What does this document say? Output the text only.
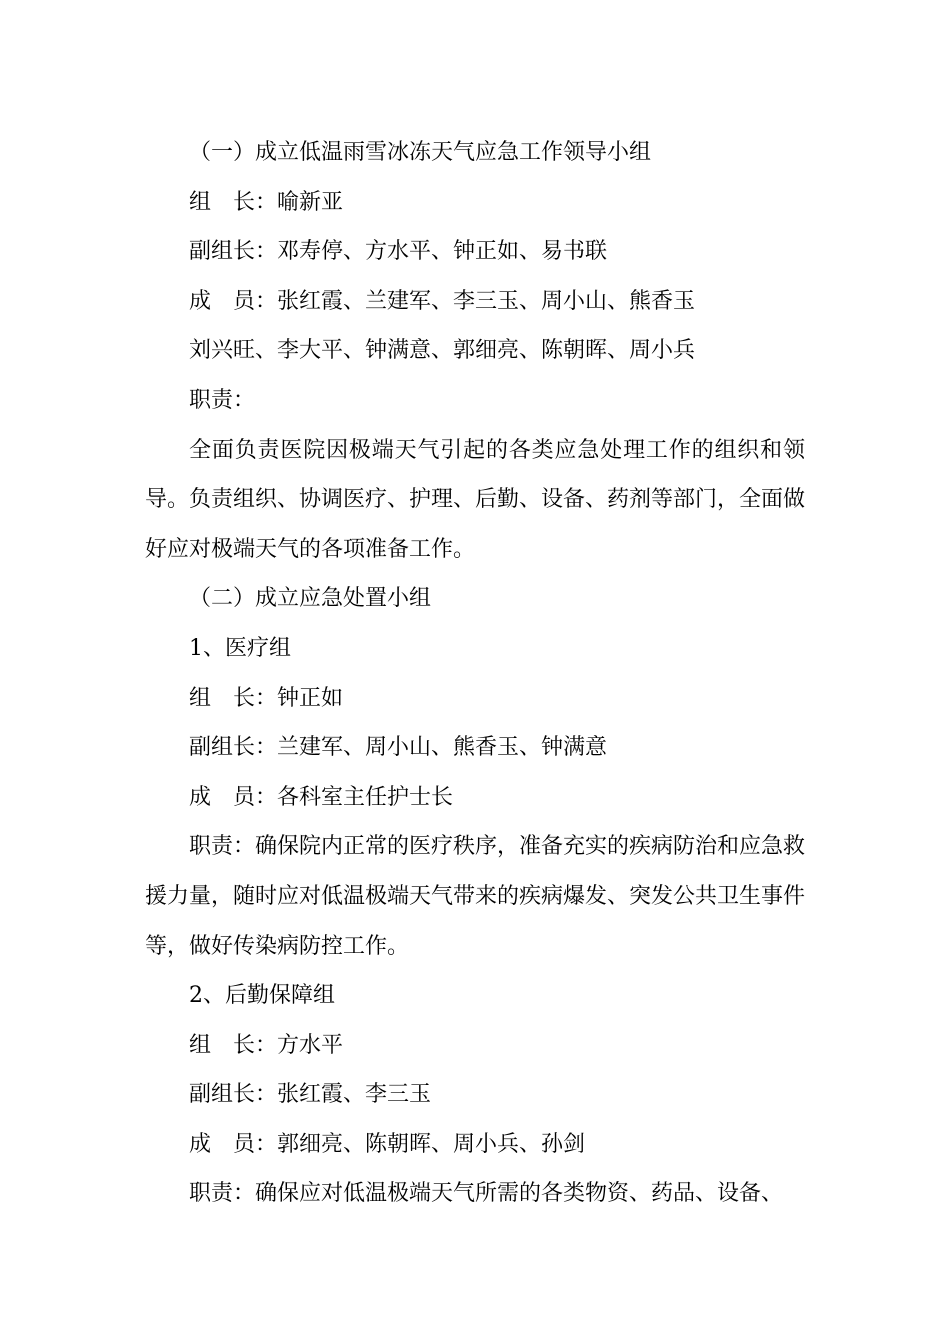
（一）成立低温雨雪冰冻天气应急工作领导小组

组　长：喻新亚

副组长：邓寿停、方水平、钟正如、易书联

成　员：张红霞、兰建军、李三玉、周小山、熊香玉

刘兴旺、李大平、钟满意、郭细亮、陈朝晖、周小兵

职责：

全面负责医院因极端天气引起的各类应急处理工作的组织和领导。负责组织、协调医疗、护理、后勤、设备、药剂等部门，全面做好应对极端天气的各项准备工作。

（二）成立应急处置小组

1、医疗组

组　长：钟正如

副组长：兰建军、周小山、熊香玉、钟满意

成　员：各科室主任护士长

职责：确保院内正常的医疗秩序，准备充实的疾病防治和应急救援力量，随时应对低温极端天气带来的疾病爆发、突发公共卫生事件等，做好传染病防控工作。

2、后勤保障组

组　长：方水平

副组长：张红霞、李三玉

成　员：郭细亮、陈朝晖、周小兵、孙剑

职责：确保应对低温极端天气所需的各类物资、药品、设备、
